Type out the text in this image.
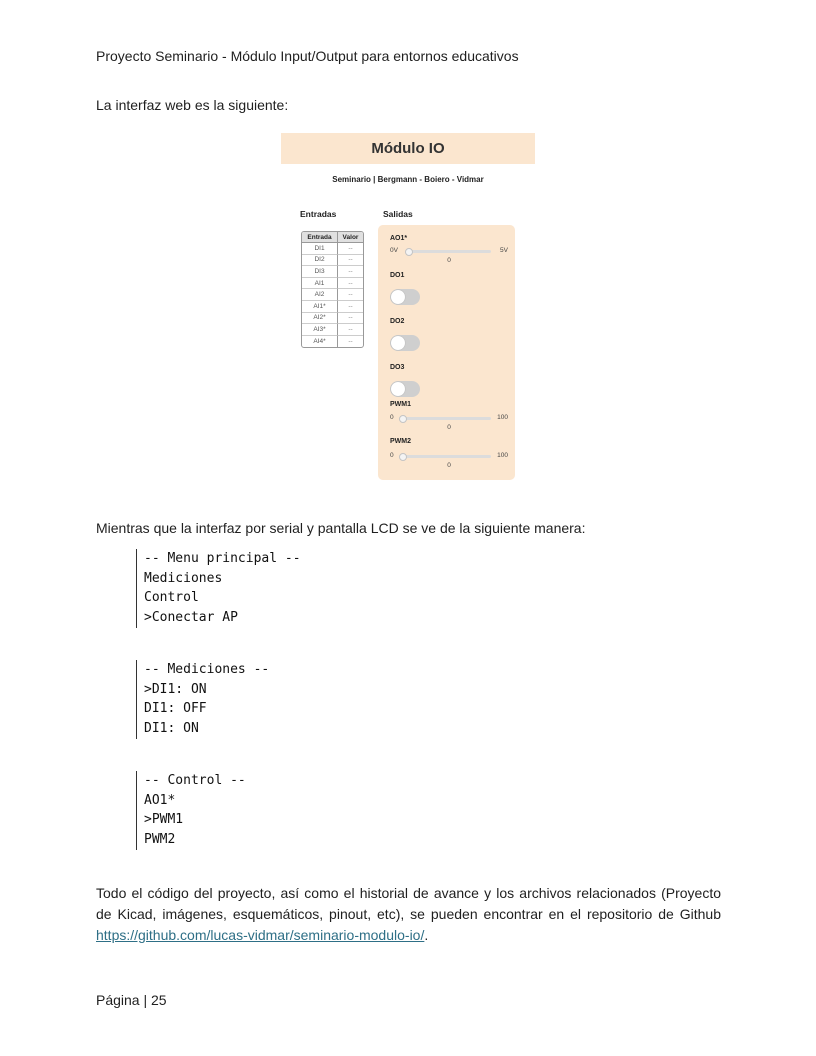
Proyecto Seminario - Módulo Input/Output para entornos educativos
La interfaz web es la siguiente:
Módulo IO
Seminario | Bergmann - Boiero - Vidmar
Entradas	Salidas
Entrada	Valor
DI1	--
DI2	--
DI3	--
AI1	--
AI2	--
AI1*	--
AI2*	--
AI3*	--
AI4*	--
AO1*
0V	5V
0
DO1
DO2
DO3
PWM1
0	100
0
PWM2
0	100
0
Mientras que la interfaz por serial y pantalla LCD se ve de la siguiente manera:
-- Menu principal --
Mediciones
Control
>Conectar AP
-- Mediciones --
>DI1: ON
DI1: OFF
DI1: ON
-- Control --
AO1*
>PWM1
PWM2
Todo el código del proyecto, así como el historial de avance y los archivos relacionados (Proyecto de Kicad, imágenes, esquemáticos, pinout, etc), se pueden encontrar en el repositorio de Github https://github.com/lucas-vidmar/seminario-modulo-io/.
Página | 25
